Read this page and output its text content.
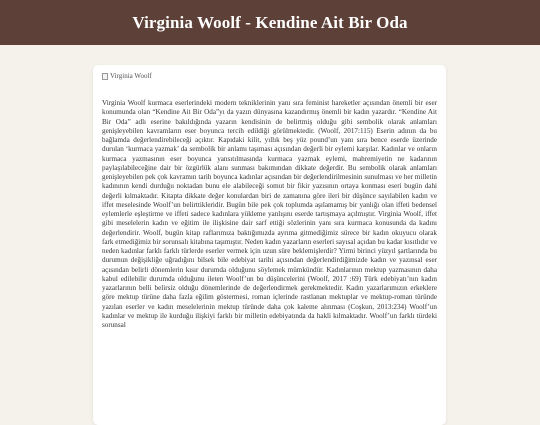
Virginia Woolf - Kendine Ait Bir Oda
Virginia Woolf

Virginia Woolf kurmaca eserlerindeki modern tekniklerinin yanı sıra feminist hareketler açısından önemli bir eser konumunda olan “Kendine Ait Bir Oda”yı da yazın dünyasına kazandırmış önemli bir kadın yazardır. “Kendine Ait Bir Oda” adlı eserine bakıldığında yazarın kendisinin de belirtmiş olduğu gibi sembolik olarak anlamları genişleyebilen kavramların eser boyunca tercih edildiği görülmektedir. (Woolf, 2017:115) Eserin adının da bu bağlamda değerlendirebileceği açıktır. Kapıdaki kilit, yıllık beş yüz pound’un yanı sıra bence eserde üzerinde durulan ‘kurmaca yazmak’ da sembolik bir anlamı taşıması açısından değerli bir eylemi karşılar. Kadınlar ve onların kurmaca yazmasının eser boyunca yansıtılmasında kurmaca yazmak eylemi, mahremiyetin ne kadarının paylaşılabileceğine dair bir özgürlük alanı sunması bakımından dikkate değerdir. Bu sembolik olarak anlamları genişleyebilen pek çok kavramın tarih boyunca kadınlar açısından bir değerlendirilmesinin sunulması ve her milletin kadınının kendi durduğu noktadan bunu ele alabileceği somut bir fikir yazısının ortaya konması eseri bugün dahi değerli kılmaktadır. Kitapta dikkate değer konulardan biri de zamanına göre ileri bir düşünce sayılabilen kadın ve iffet meselesinde Woolf’un belirttikleridir. Bugün bile pek çok toplumda aşılamamış bir yanlığı olan iffeti bedensel eylemlerle eşleştirme ve iffeti sadece kadınlara yükleme yanlışını eserde tartışmaya açılmıştır. Virginia Woolf, iffet gibi meselelerin kadın ve eğitim ile ilişkisine dair sarf ettiği sözlerinin yanı sıra kurmaca konusunda da kadını değerlendirir. Woolf, bugün kitap raflarımıza baktığımızda ayrıma gitmediğimiz sürece bir kadın okuyucu olarak fark etmediğimiz bir sorunsalı kitabına taşımıştır. Neden kadın yazarların eserleri sayısal açıdan bu kadar kısıtlıdır ve neden kadınlar farklı farklı türlerde eserler vermek için uzun süre beklemişlerdir? Yirmi birinci yüzyıl şartlarında bu durumun değişikliğe uğradığını bilsek bile edebiyat tarihi açısından değerlendirdiğimizde kadın ve yazınsal eser açısından belirli dönemlerin kısır durumda olduğunu söylemek mümkündür. Kadınlarının mektup yazmasının daha kabul edilebilir durumda olduğunu ileten Woolf’un bu düşüncelerini (Woolf, 2017 :69) Türk edebiyatı’nın kadın yazarlarının belli belirsiz olduğu dönemlerinde de değerlendirmek gerekmektedir. Kadın yazarlarımızın erkeklere göre mektup türüne daha fazla eğilim göstermesi, roman içlerinde rastlanan mektuplar ve mektup-roman türünde yazılan eserler ve kadın meselelerinin mektup türünde daha çok kaleme alınması (Coşkun, 2013:234) Woolf’un kadınlar ve mektup ile kurduğu ilişkiyi farklı bir milletin edebiyatında da hakli kılmaktadır. Woolf’un farklı türdeki sorunsal
